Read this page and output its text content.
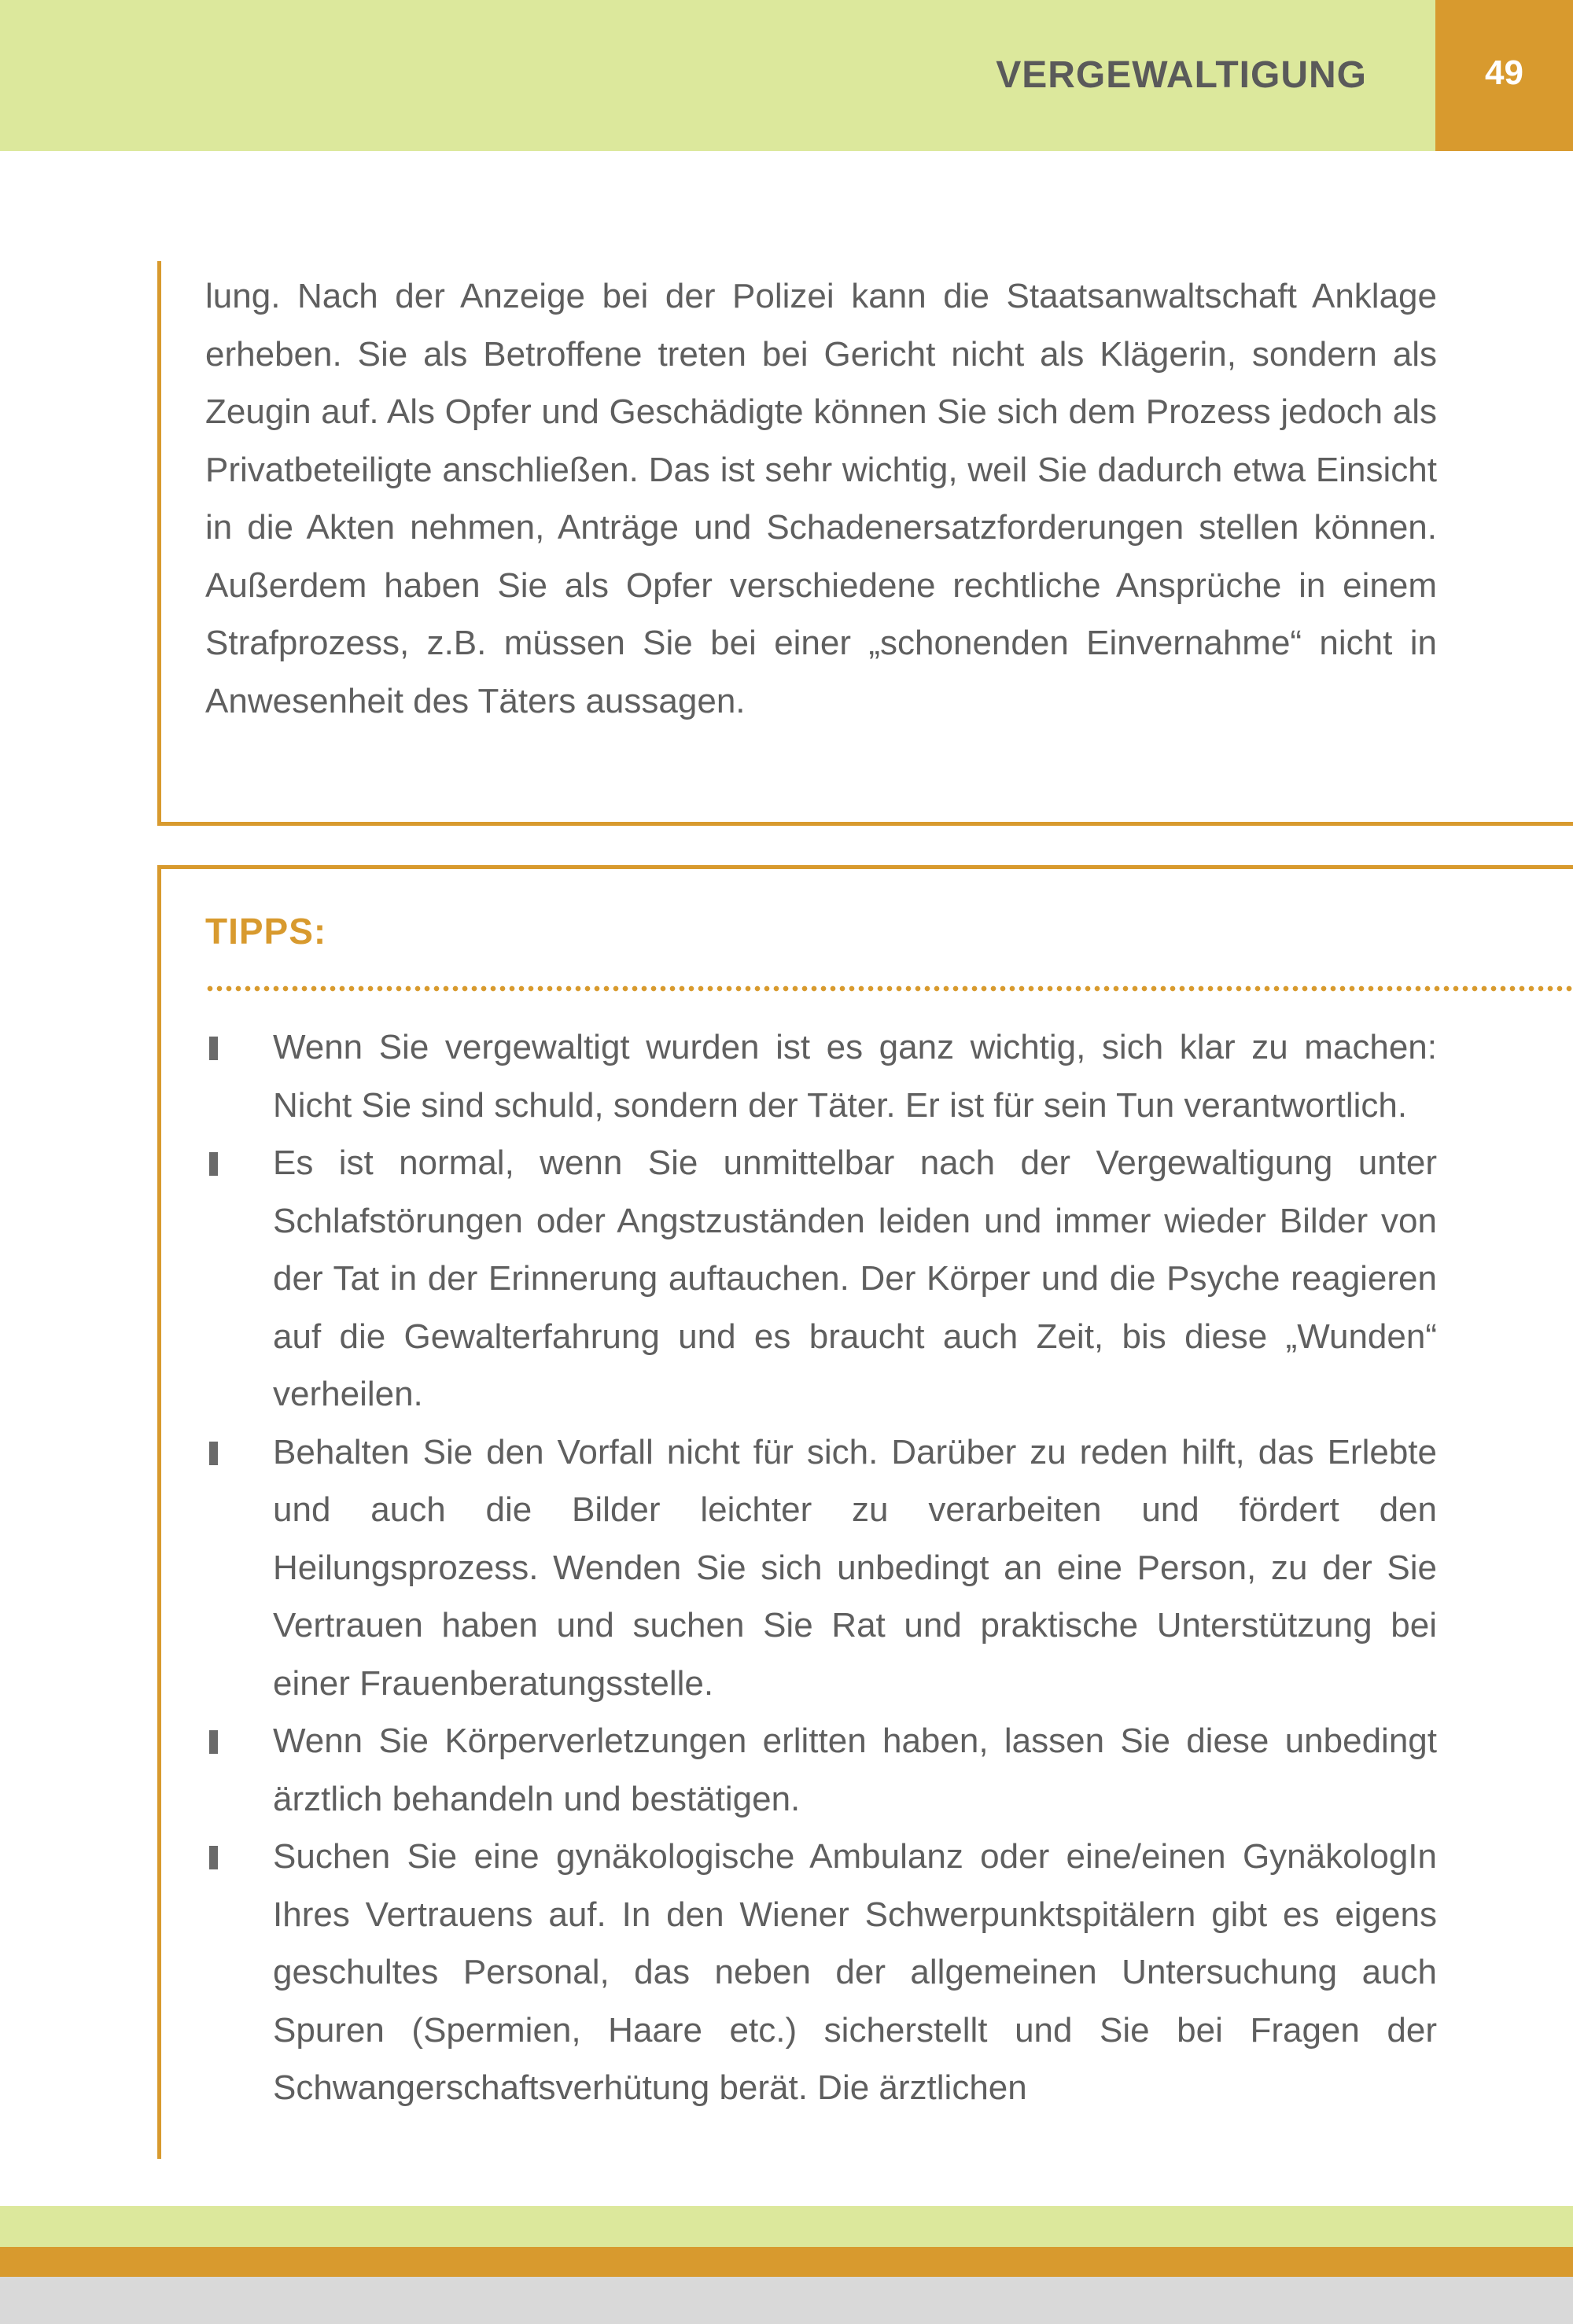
VERGEWALTIGUNG	49

lung. Nach der Anzeige bei der Polizei kann die Staatsanwaltschaft Anklage erheben. Sie als Betroffene treten bei Gericht nicht als Klägerin, sondern als Zeugin auf. Als Opfer und Geschädigte können Sie sich dem Prozess jedoch als Privatbeteiligte anschließen. Das ist sehr wichtig, weil Sie dadurch etwa Einsicht in die Akten nehmen, Anträge und Schadenersatzforderungen stellen können. Außerdem haben Sie als Opfer verschiedene rechtliche Ansprüche in einem Strafprozess, z.B. müssen Sie bei einer „schonenden Einvernahme“ nicht in Anwesenheit des Täters aussagen.

TIPPS:
Wenn Sie vergewaltigt wurden ist es ganz wichtig, sich klar zu machen: Nicht Sie sind schuld, sondern der Täter. Er ist für sein Tun verantwortlich.
Es ist normal, wenn Sie unmittelbar nach der Vergewaltigung unter Schlafstörungen oder Angstzuständen leiden und immer wieder Bilder von der Tat in der Erinnerung auftauchen. Der Körper und die Psyche reagieren auf die Gewalterfahrung und es braucht auch Zeit, bis diese „Wunden“ verheilen.
Behalten Sie den Vorfall nicht für sich. Darüber zu reden hilft, das Erlebte und auch die Bilder leichter zu verarbeiten und fördert den Heilungsprozess. Wenden Sie sich unbedingt an eine Person, zu der Sie Vertrauen haben und suchen Sie Rat und praktische Unterstützung bei einer Frauenberatungsstelle.
Wenn Sie Körperverletzungen erlitten haben, lassen Sie diese unbedingt ärztlich behandeln und bestätigen.
Suchen Sie eine gynäkologische Ambulanz oder eine/einen GynäkologIn Ihres Vertrauens auf. In den Wiener Schwerpunktspitälern gibt es eigens geschultes Personal, das neben der allgemeinen Untersuchung auch Spuren (Spermien, Haare etc.) sicherstellt und Sie bei Fragen der Schwangerschaftsverhütung berät. Die ärztlichen
